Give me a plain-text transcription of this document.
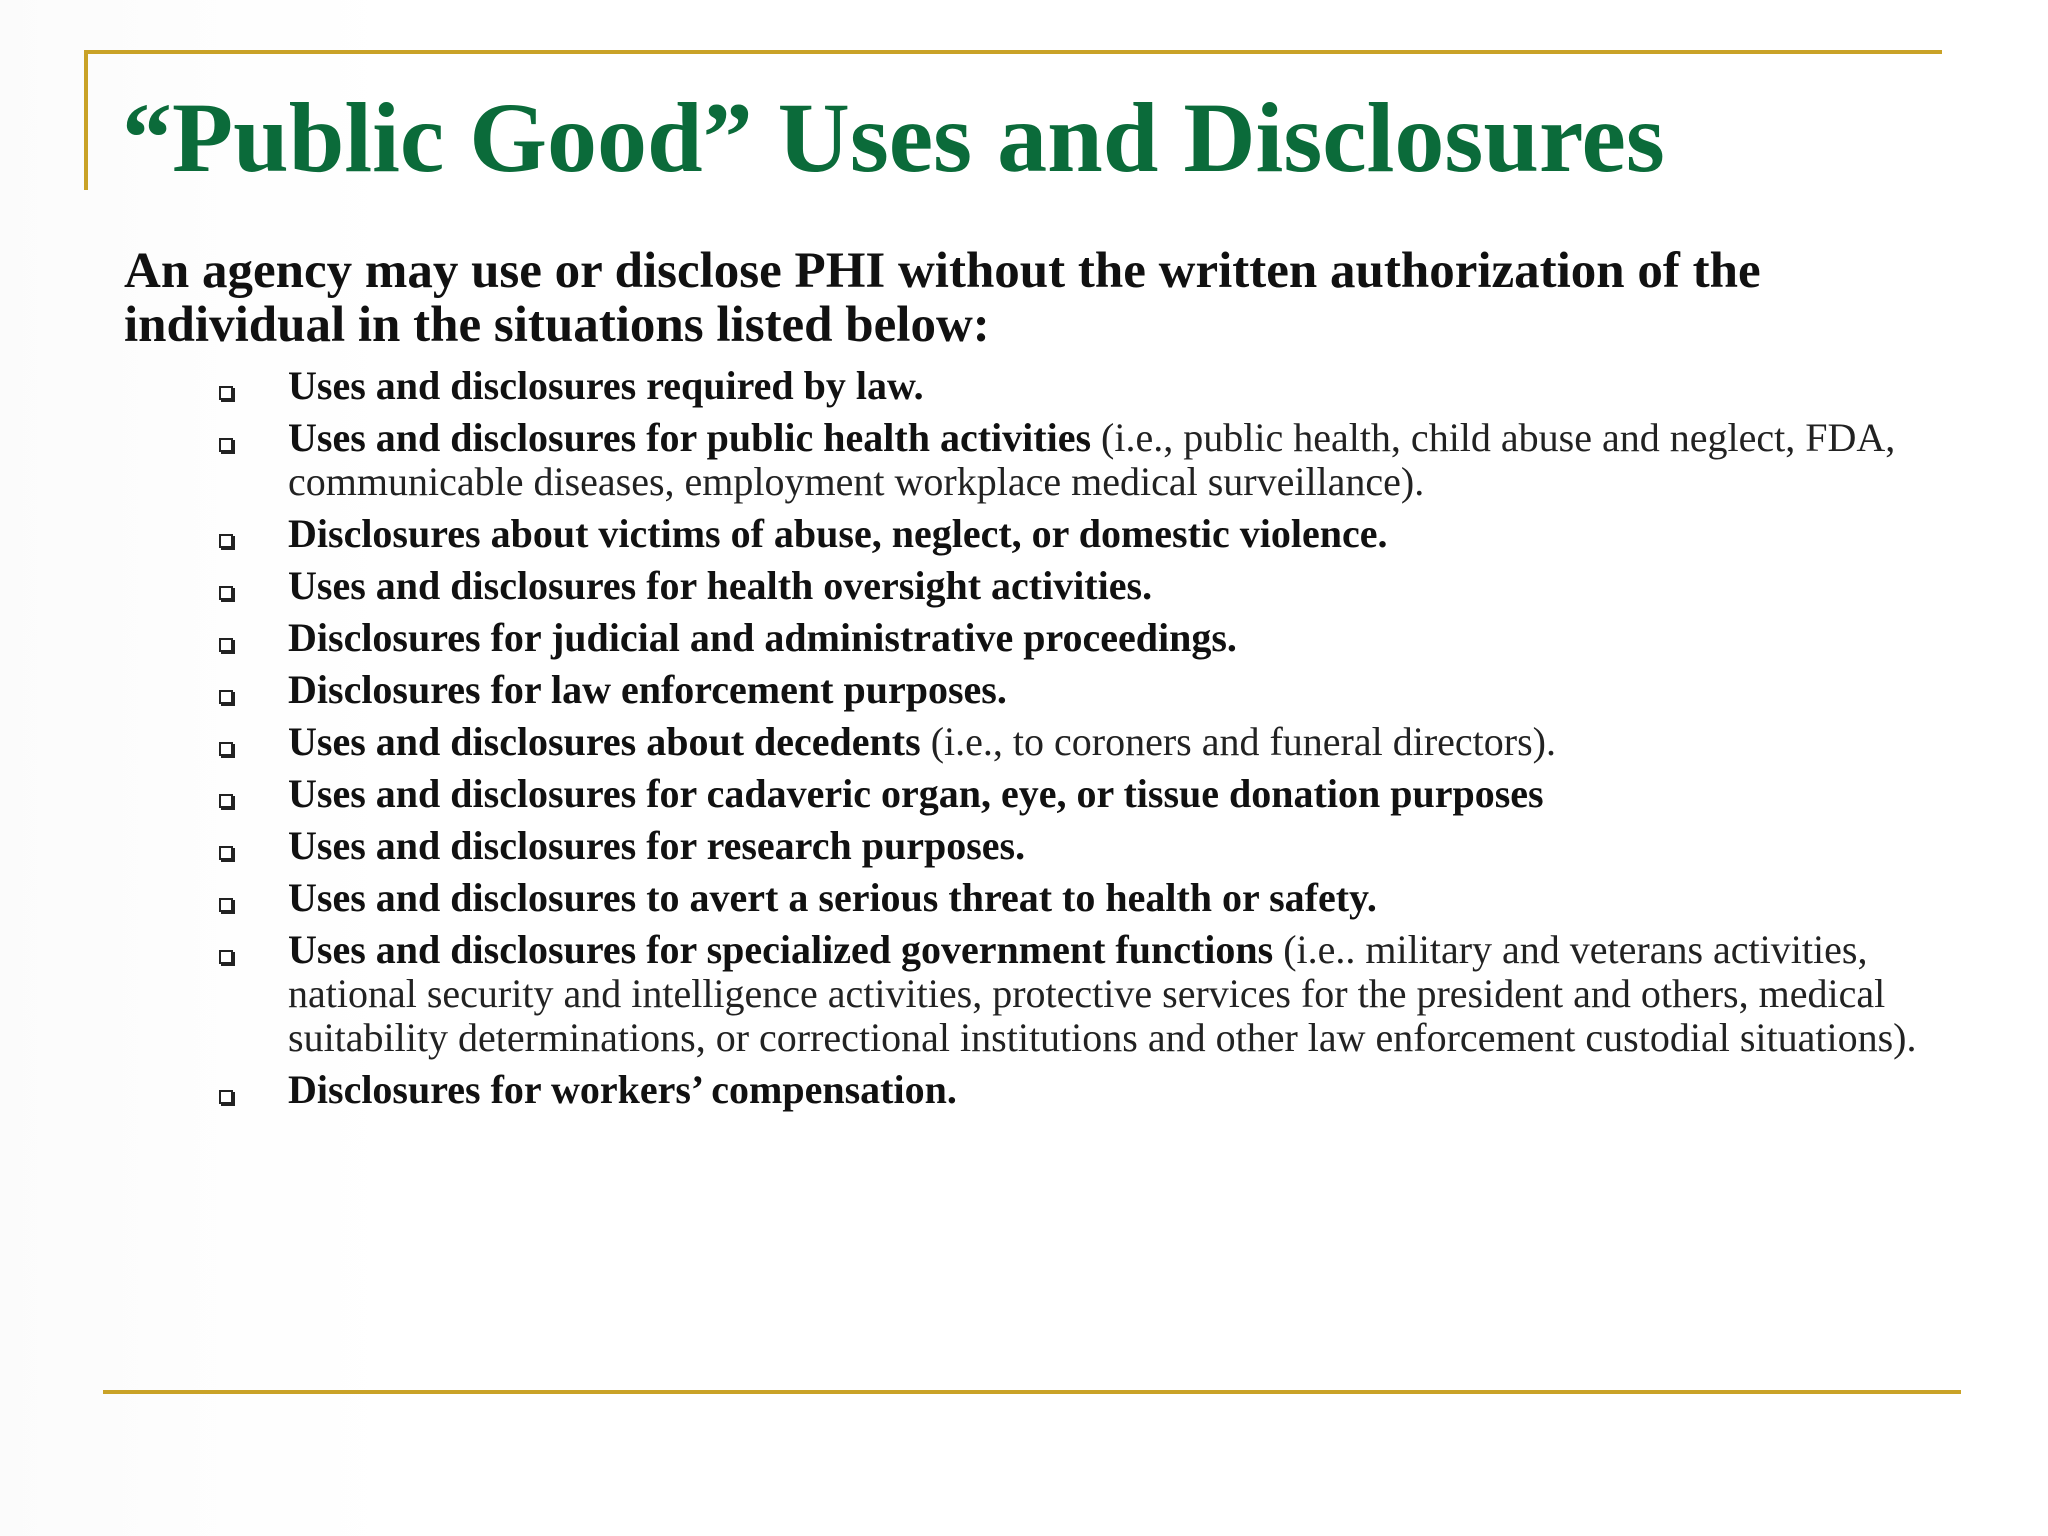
“Public Good” Uses and Disclosures

An agency may use or disclose PHI without the written authorization of the individual in the situations listed below:

Uses and disclosures required by law.
Uses and disclosures for public health activities (i.e., public health, child abuse and neglect, FDA, communicable diseases, employment workplace medical surveillance).
Disclosures about victims of abuse, neglect, or domestic violence.
Uses and disclosures for health oversight activities.
Disclosures for judicial and administrative proceedings.
Disclosures for law enforcement purposes.
Uses and disclosures about decedents (i.e., to coroners and funeral directors).
Uses and disclosures for cadaveric organ, eye, or tissue donation purposes
Uses and disclosures for research purposes.
Uses and disclosures to avert a serious threat to health or safety.
Uses and disclosures for specialized government functions (i.e.. military and veterans activities, national security and intelligence activities, protective services for the president and others, medical suitability determinations, or correctional institutions and other law enforcement custodial situations).
Disclosures for workers’ compensation.
